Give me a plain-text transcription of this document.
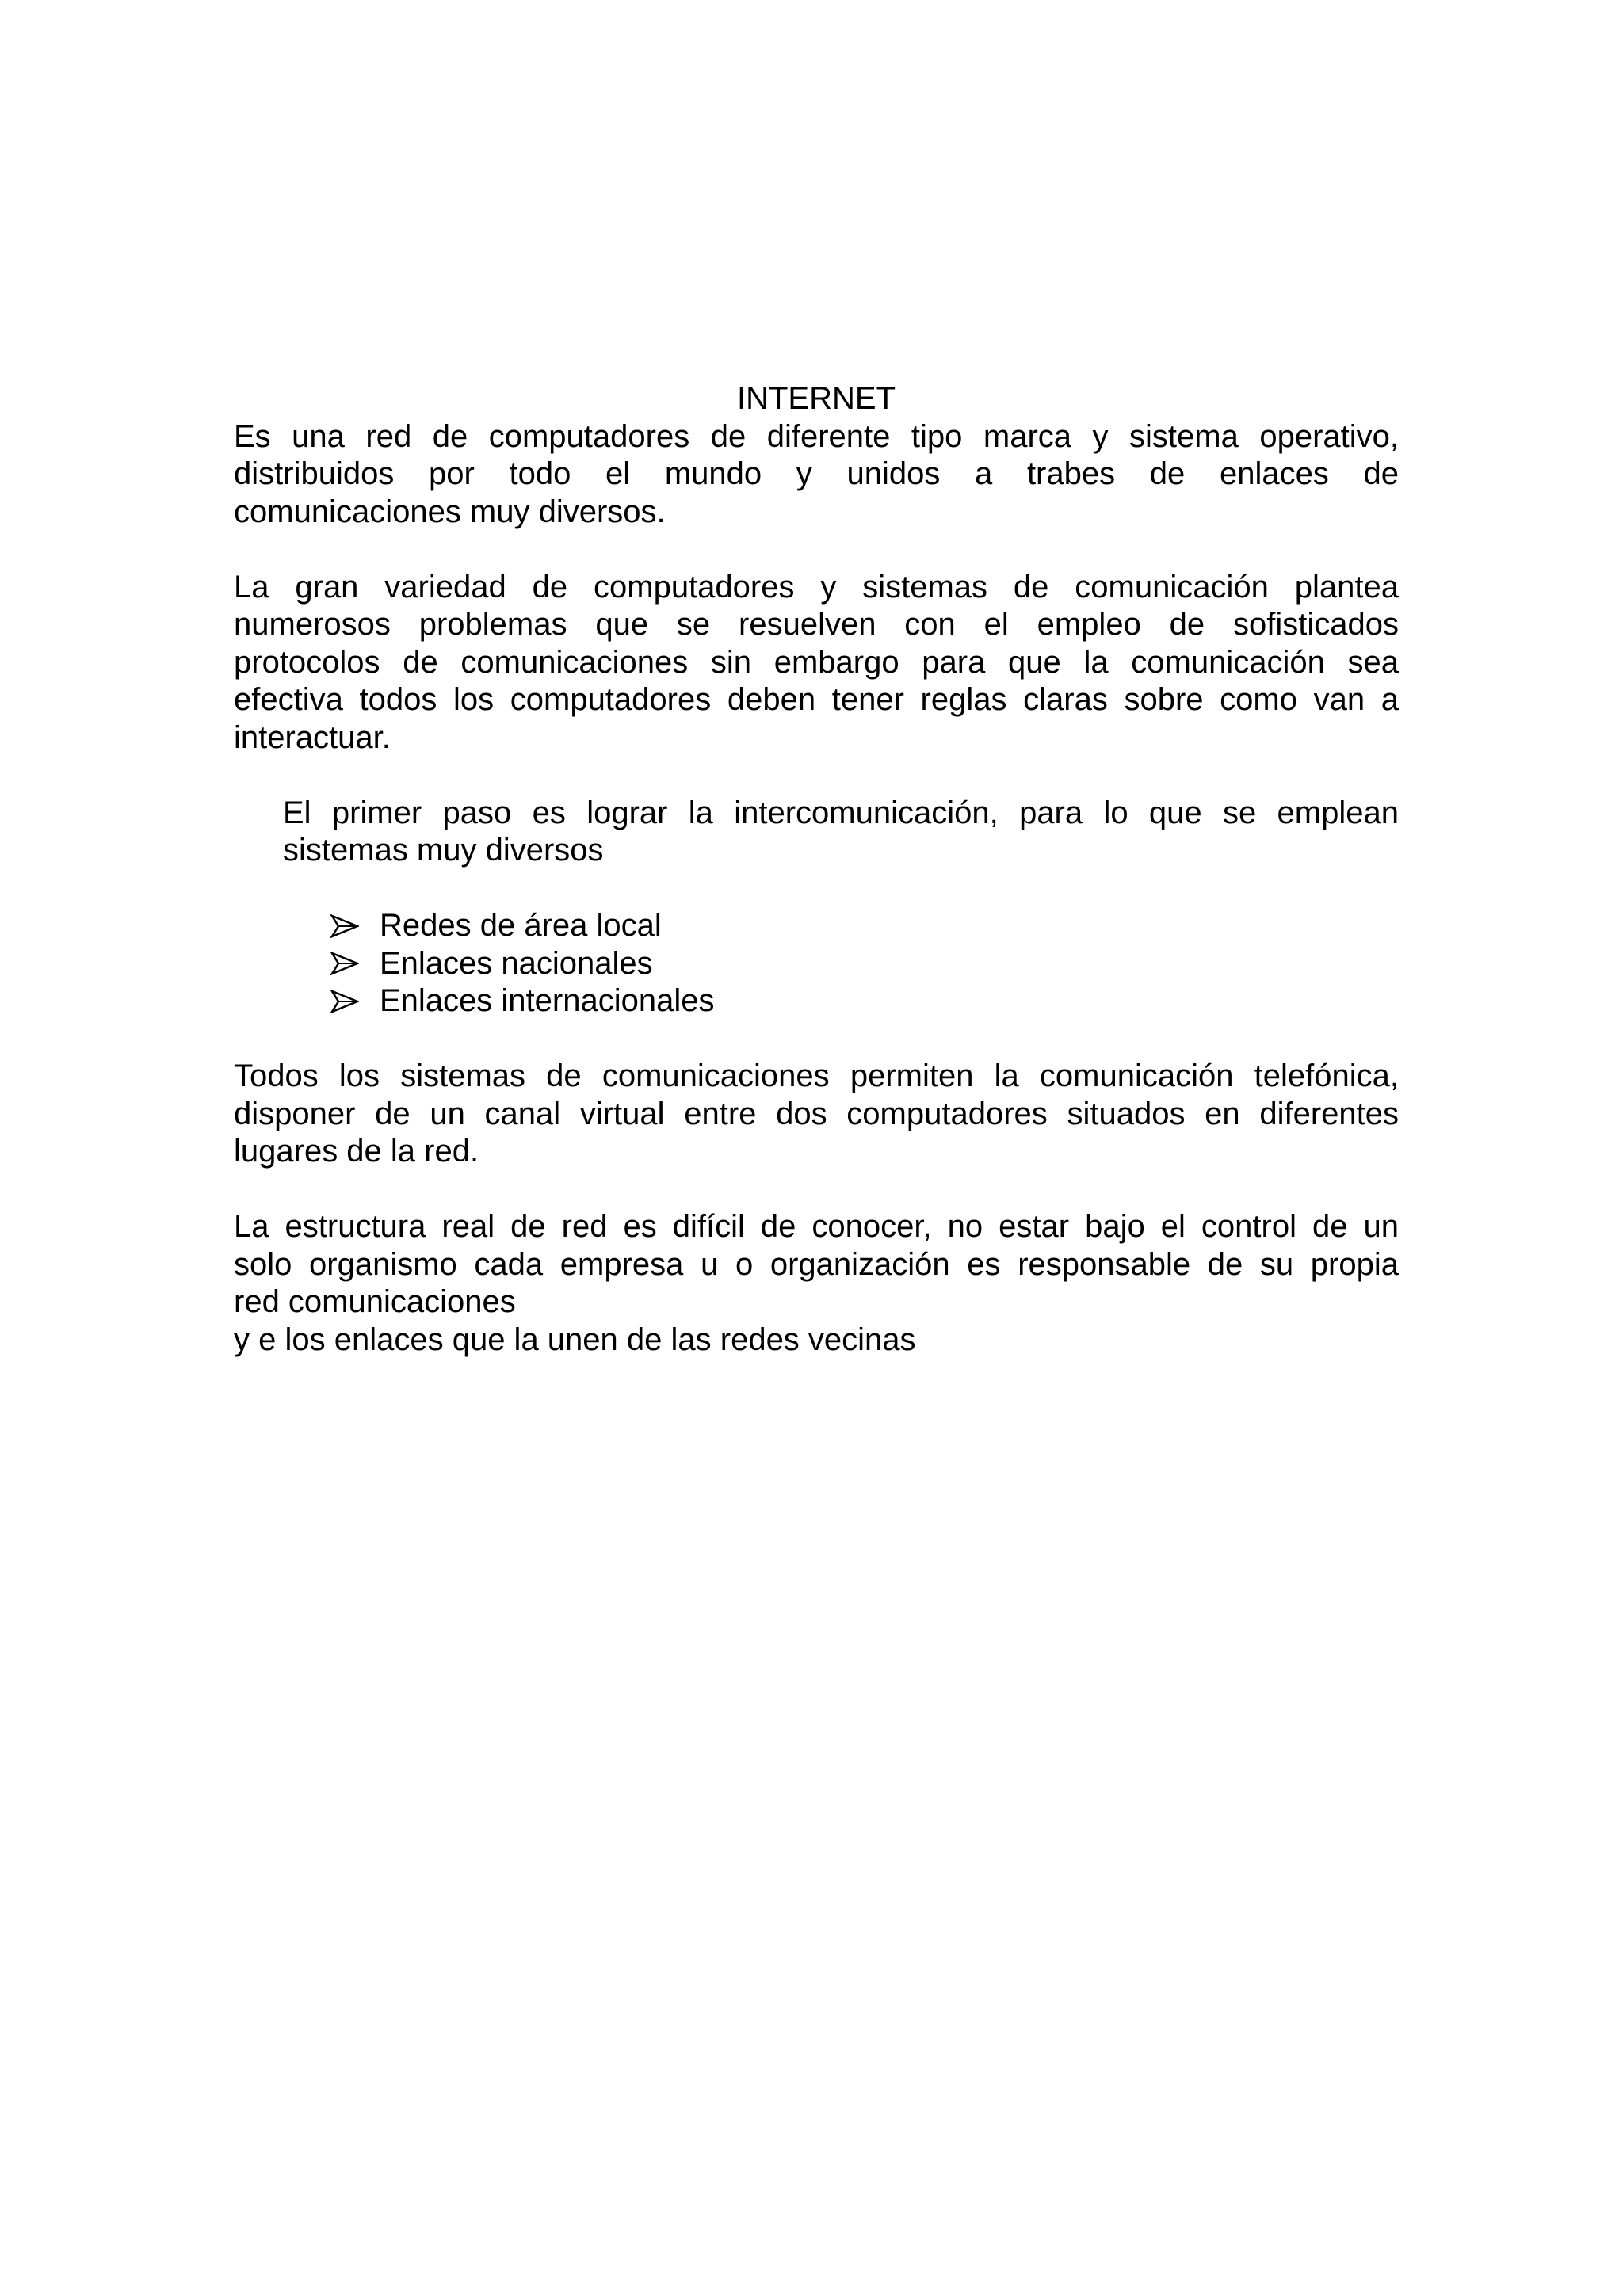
INTERNET

Es una red de computadores de diferente tipo marca y sistema operativo,
distribuidos por todo el mundo y unidos a trabes de enlaces de
comunicaciones muy diversos.

La gran variedad de computadores y sistemas de comunicación plantea
numerosos problemas que se resuelven con el empleo de sofisticados
protocolos de comunicaciones sin embargo para que la comunicación sea
efectiva todos los computadores deben tener reglas claras sobre como van a
interactuar.

El primer paso es lograr la intercomunicación, para lo que se emplean
sistemas muy diversos

Redes de área local
Enlaces nacionales
Enlaces internacionales

Todos los sistemas de comunicaciones permiten la comunicación telefónica,
disponer de un canal virtual entre dos computadores situados en diferentes
lugares de la red.

La estructura real de red es difícil de conocer, no estar bajo el control de un
solo organismo cada empresa u o organización es responsable de su propia
red comunicaciones
y e los enlaces que la unen de las redes vecinas
